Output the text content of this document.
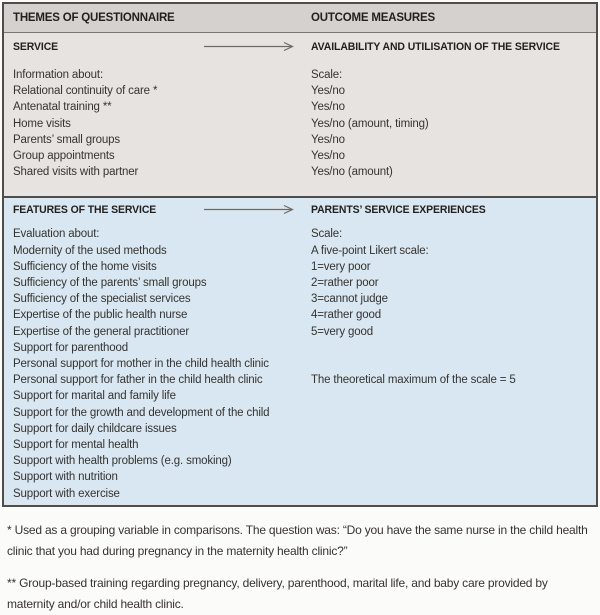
THEMES OF QUESTIONNAIRE	OUTCOME MEASURES
SERVICE	AVAILABILITY AND UTILISATION OF THE SERVICE
Information about:	Scale:
Relational continuity of care *	Yes/no
Antenatal training **	Yes/no
Home visits	Yes/no (amount, timing)
Parents’ small groups	Yes/no
Group appointments	Yes/no
Shared visits with partner	Yes/no (amount)
FEATURES OF THE SERVICE	PARENTS’ SERVICE EXPERIENCES
Evaluation about:	Scale:
Modernity of the used methods	A five-point Likert scale:
Sufficiency of the home visits	1=very poor
Sufficiency of the parents’ small groups	2=rather poor
Sufficiency of the specialist services	3=cannot judge
Expertise of the public health nurse	4=rather good
Expertise of the general practitioner	5=very good
Support for parenthood
Personal support for mother in the child health clinic
Personal support for father in the child health clinic	The theoretical maximum of the scale = 5
Support for marital and family life
Support for the growth and development of the child
Support for daily childcare issues
Support for mental health
Support with health problems (e.g. smoking)
Support with nutrition
Support with exercise

* Used as a grouping variable in comparisons. The question was: “Do you have the same nurse in the child health clinic that you had during pregnancy in the maternity health clinic?”

** Group-based training regarding pregnancy, delivery, parenthood, marital life, and baby care provided by maternity and/or child health clinic.
